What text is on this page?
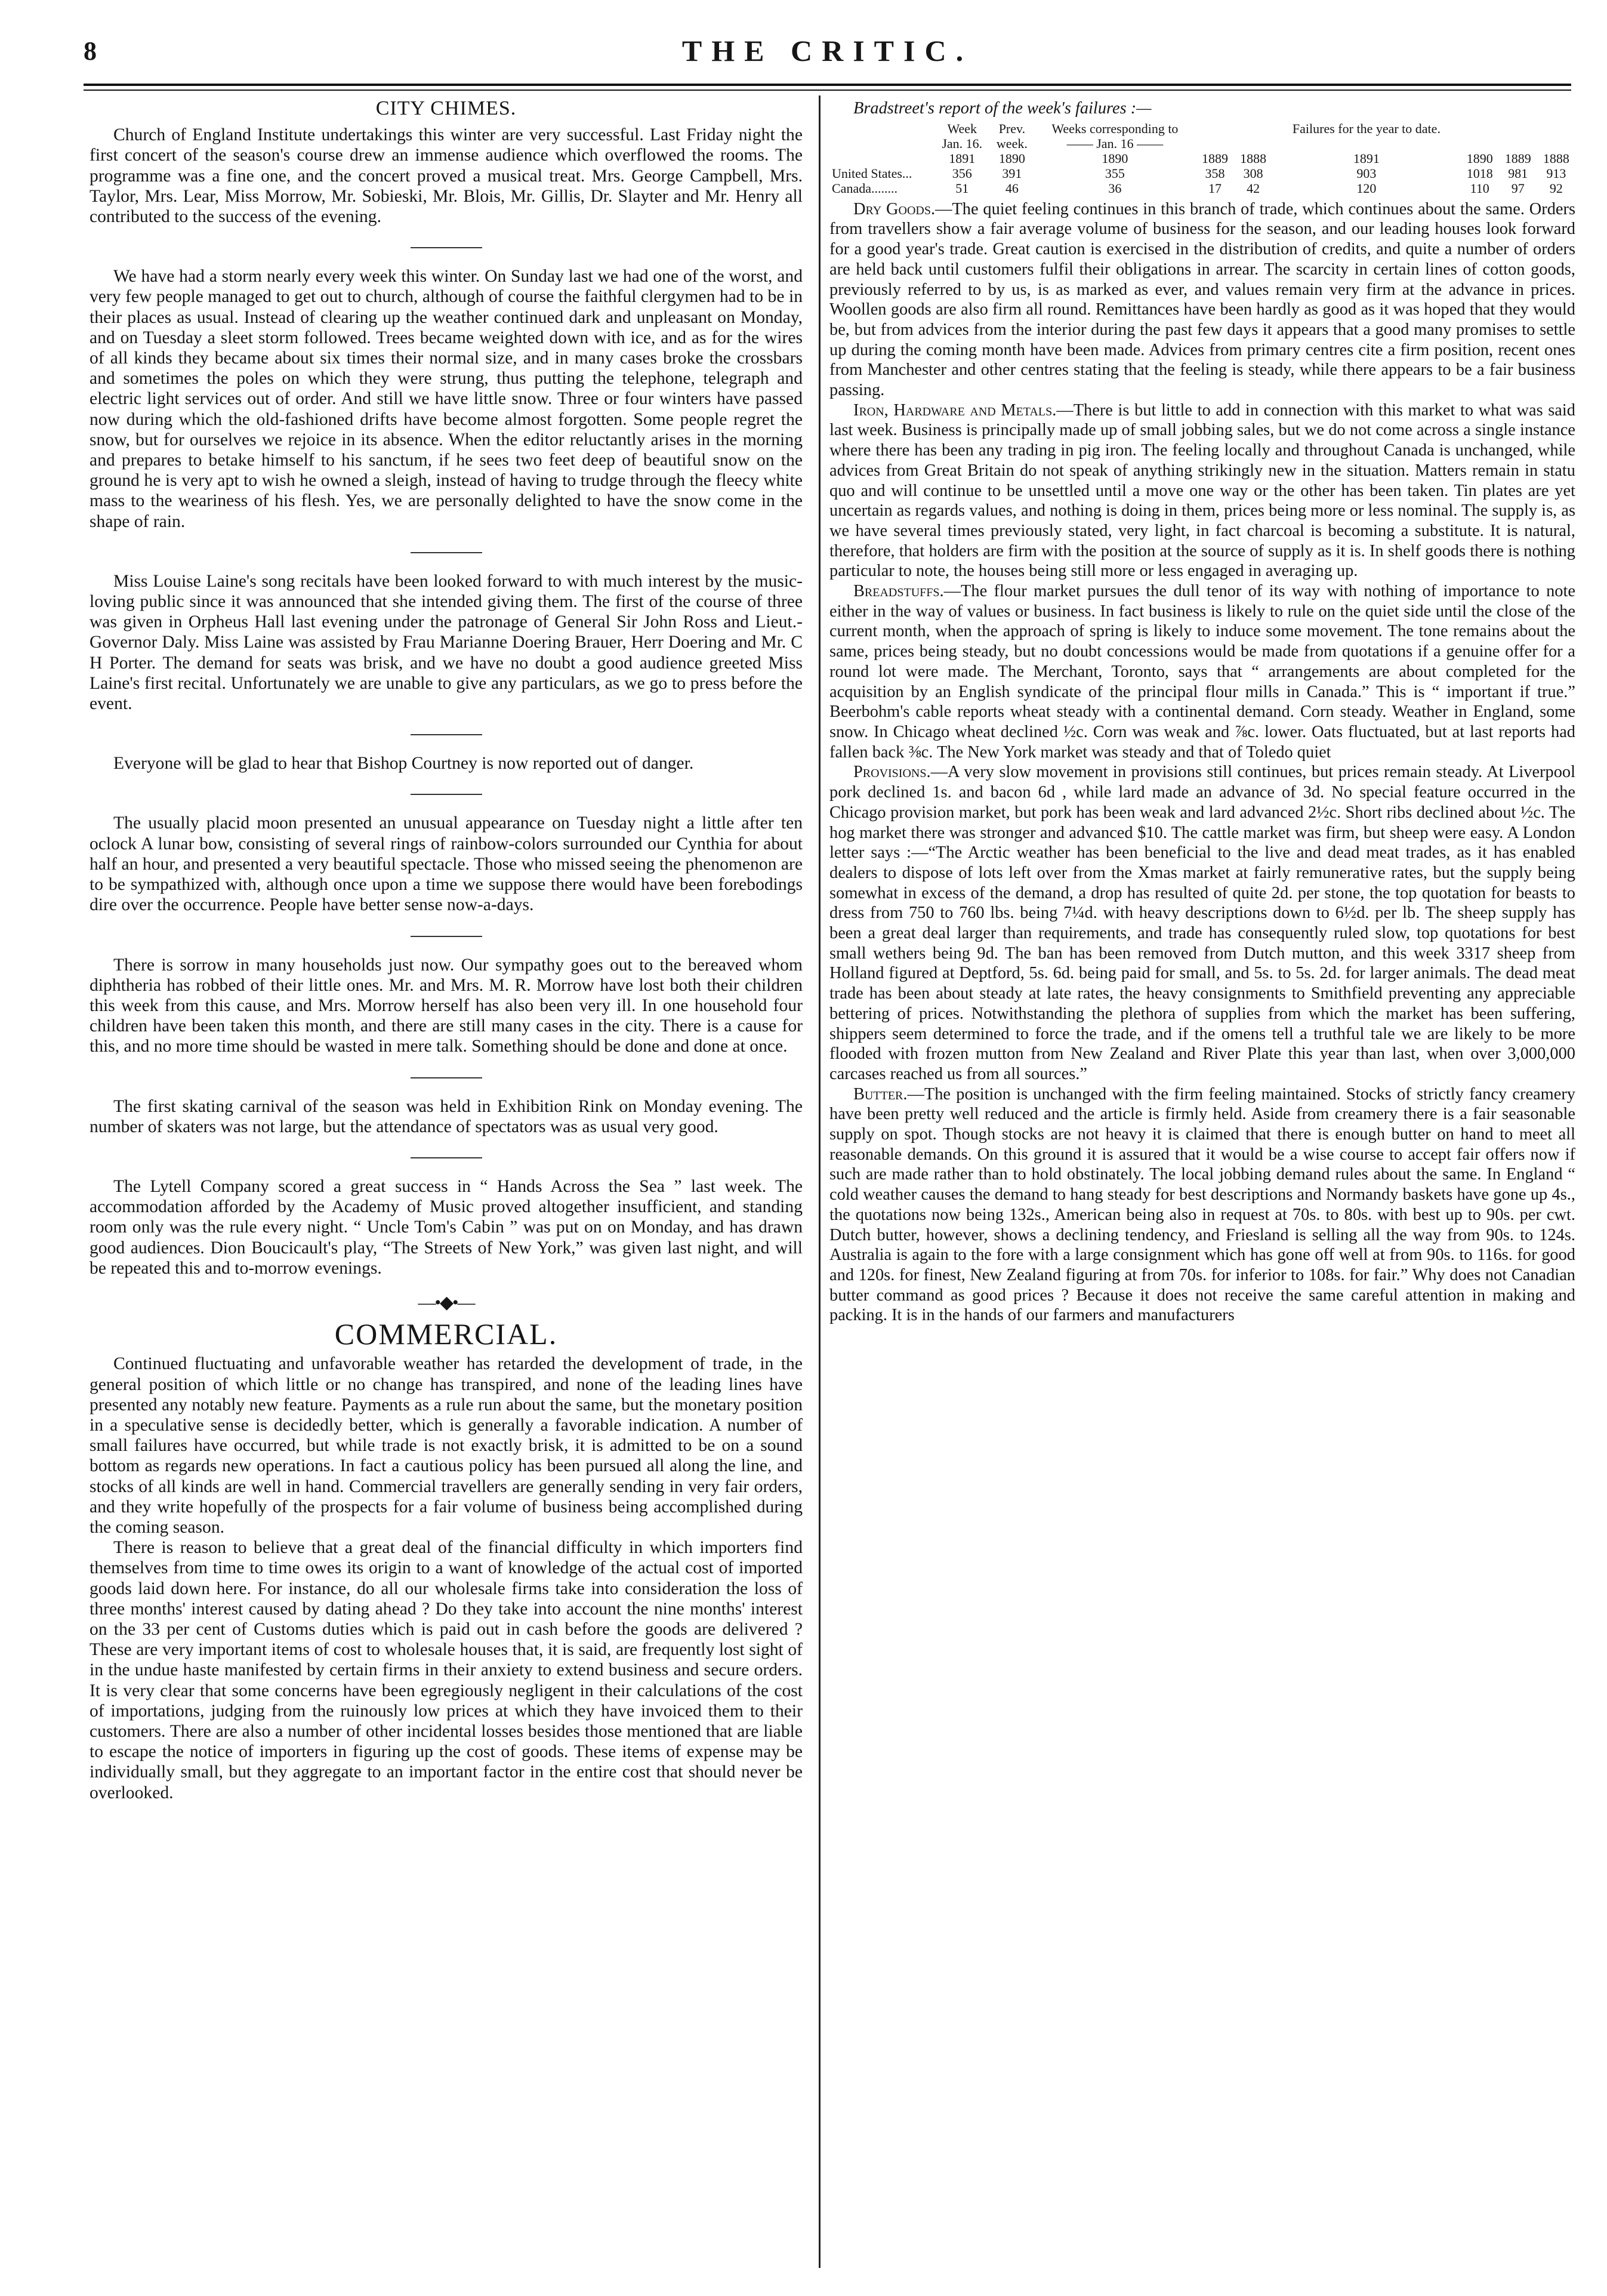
8	THE CRITIC.
CITY CHIMES.

Church of England Institute undertakings this winter are very successful. Last Friday night the first concert of the season's course drew an immense audience which overflowed the rooms. The programme was a fine one, and the concert proved a musical treat. Mrs. George Campbell, Mrs. Taylor, Mrs. Lear, Miss Morrow, Mr. Sobieski, Mr. Blois, Mr. Gillis, Dr. Slayter and Mr. Henry all contributed to the success of the evening.

We have had a storm nearly every week this winter. On Sunday last we had one of the worst, and very few people managed to get out to church, although of course the faithful clergymen had to be in their places as usual. Instead of clearing up the weather continued dark and unpleasant on Monday, and on Tuesday a sleet storm followed. Trees became weighted down with ice, and as for the wires of all kinds they became about six times their normal size, and in many cases broke the crossbars and sometimes the poles on which they were strung, thus putting the telephone, telegraph and electric light services out of order. And still we have little snow. Three or four winters have passed now during which the old-fashioned drifts have become almost forgotten. Some people regret the snow, but for ourselves we rejoice in its absence. When the editor reluctantly arises in the morning and prepares to betake himself to his sanctum, if he sees two feet deep of beautiful snow on the ground he is very apt to wish he owned a sleigh, instead of having to trudge through the fleecy white mass to the weariness of his flesh. Yes, we are personally delighted to have the snow come in the shape of rain.

Miss Louise Laine's song recitals have been looked forward to with much interest by the music-loving public since it was announced that she intended giving them. The first of the course of three was given in Orpheus Hall last evening under the patronage of General Sir John Ross and Lieut.-Governor Daly. Miss Laine was assisted by Frau Marianne Doering Brauer, Herr Doering and Mr. C H Porter. The demand for seats was brisk, and we have no doubt a good audience greeted Miss Laine's first recital. Unfortunately we are unable to give any particulars, as we go to press before the event.

Everyone will be glad to hear that Bishop Courtney is now reported out of danger.

The usually placid moon presented an unusual appearance on Tuesday night a little after ten oclock A lunar bow, consisting of several rings of rainbow-colors surrounded our Cynthia for about half an hour, and presented a very beautiful spectacle. Those who missed seeing the phenomenon are to be sympathized with, although once upon a time we suppose there would have been forebodings dire over the occurrence. People have better sense now-a-days.

There is sorrow in many households just now. Our sympathy goes out to the bereaved whom diphtheria has robbed of their little ones. Mr. and Mrs. M. R. Morrow have lost both their children this week from this cause, and Mrs. Morrow herself has also been very ill. In one household four children have been taken this month, and there are still many cases in the city. There is a cause for this, and no more time should be wasted in mere talk. Something should be done and done at once.

The first skating carnival of the season was held in Exhibition Rink on Monday evening. The number of skaters was not large, but the attendance of spectators was as usual very good.

The Lytell Company scored a great success in “ Hands Across the Sea ” last week. The accommodation afforded by the Academy of Music proved altogether insufficient, and standing room only was the rule every night. “ Uncle Tom's Cabin ” was put on on Monday, and has drawn good audiences. Dion Boucicault's play, “The Streets of New York,” was given last night, and will be repeated this and to-morrow evenings.

—•◆•—
COMMERCIAL.

Continued fluctuating and unfavorable weather has retarded the development of trade, in the general position of which little or no change has transpired, and none of the leading lines have presented any notably new feature. Payments as a rule run about the same, but the monetary position in a speculative sense is decidedly better, which is generally a favorable indication. A number of small failures have occurred, but while trade is not exactly brisk, it is admitted to be on a sound bottom as regards new operations. In fact a cautious policy has been pursued all along the line, and stocks of all kinds are well in hand. Commercial travellers are generally sending in very fair orders, and they write hopefully of the prospects for a fair volume of business being accomplished during the coming season.

There is reason to believe that a great deal of the financial difficulty in which importers find themselves from time to time owes its origin to a want of knowledge of the actual cost of imported goods laid down here. For instance, do all our wholesale firms take into consideration the loss of three months' interest caused by dating ahead ? Do they take into account the nine months' interest on the 33 per cent of Customs duties which is paid out in cash before the goods are delivered ? These are very important items of cost to wholesale houses that, it is said, are frequently lost sight of in the undue haste manifested by certain firms in their anxiety to extend business and secure orders. It is very clear that some concerns have been egregiously negligent in their calculations of the cost of importations, judging from the ruinously low prices at which they have invoiced them to their customers. There are also a number of other incidental losses besides those mentioned that are liable to escape the notice of importers in figuring up the cost of goods. These items of expense may be individually small, but they aggregate to an important factor in the entire cost that should never be overlooked.

Bradstreet's report of the week's failures :—

	Week	Prev.	Weeks corresponding to			Failures for the year to date.			
	Jan. 16.	week.	—— Jan. 16 ——						
	1891	1890	1890	1889	1888	1891	1890	1889	1888
United States...	356	391	355	358	308	903	1018	981	913
Canada........	51	46	36	17	42	120	110	97	92

Dry Goods.—The quiet feeling continues in this branch of trade, which continues about the same. Orders from travellers show a fair average volume of business for the season, and our leading houses look forward for a good year's trade. Great caution is exercised in the distribution of credits, and quite a number of orders are held back until customers fulfil their obligations in arrear. The scarcity in certain lines of cotton goods, previously referred to by us, is as marked as ever, and values remain very firm at the advance in prices. Woollen goods are also firm all round. Remittances have been hardly as good as it was hoped that they would be, but from advices from the interior during the past few days it appears that a good many promises to settle up during the coming month have been made. Advices from primary centres cite a firm position, recent ones from Manchester and other centres stating that the feeling is steady, while there appears to be a fair business passing.

Iron, Hardware and Metals.—There is but little to add in connection with this market to what was said last week. Business is principally made up of small jobbing sales, but we do not come across a single instance where there has been any trading in pig iron. The feeling locally and throughout Canada is unchanged, while advices from Great Britain do not speak of anything strikingly new in the situation. Matters remain in statu quo and will continue to be unsettled until a move one way or the other has been taken. Tin plates are yet uncertain as regards values, and nothing is doing in them, prices being more or less nominal. The supply is, as we have several times previously stated, very light, in fact charcoal is becoming a substitute. It is natural, therefore, that holders are firm with the position at the source of supply as it is. In shelf goods there is nothing particular to note, the houses being still more or less engaged in averaging up.

Breadstuffs.—The flour market pursues the dull tenor of its way with nothing of importance to note either in the way of values or business. In fact business is likely to rule on the quiet side until the close of the current month, when the approach of spring is likely to induce some movement. The tone remains about the same, prices being steady, but no doubt concessions would be made from quotations if a genuine offer for a round lot were made. The Merchant, Toronto, says that “ arrangements are about completed for the acquisition by an English syndicate of the principal flour mills in Canada.” This is “ important if true.” Beerbohm's cable reports wheat steady with a continental demand. Corn steady. Weather in England, some snow. In Chicago wheat declined ½c. Corn was weak and ⅞c. lower. Oats fluctuated, but at last reports had fallen back ⅜c. The New York market was steady and that of Toledo quiet

Provisions.—A very slow movement in provisions still continues, but prices remain steady. At Liverpool pork declined 1s. and bacon 6d , while lard made an advance of 3d. No special feature occurred in the Chicago provision market, but pork has been weak and lard advanced 2½c. Short ribs declined about ½c. The hog market there was stronger and advanced $10. The cattle market was firm, but sheep were easy. A London letter says :—“The Arctic weather has been beneficial to the live and dead meat trades, as it has enabled dealers to dispose of lots left over from the Xmas market at fairly remunerative rates, but the supply being somewhat in excess of the demand, a drop has resulted of quite 2d. per stone, the top quotation for beasts to dress from 750 to 760 lbs. being 7¼d. with heavy descriptions down to 6½d. per lb. The sheep supply has been a great deal larger than requirements, and trade has consequently ruled slow, top quotations for best small wethers being 9d. The ban has been removed from Dutch mutton, and this week 3317 sheep from Holland figured at Deptford, 5s. 6d. being paid for small, and 5s. to 5s. 2d. for larger animals. The dead meat trade has been about steady at late rates, the heavy consignments to Smithfield preventing any appreciable bettering of prices. Notwithstanding the plethora of supplies from which the market has been suffering, shippers seem determined to force the trade, and if the omens tell a truthful tale we are likely to be more flooded with frozen mutton from New Zealand and River Plate this year than last, when over 3,000,000 carcases reached us from all sources.”

Butter.—The position is unchanged with the firm feeling maintained. Stocks of strictly fancy creamery have been pretty well reduced and the article is firmly held. Aside from creamery there is a fair seasonable supply on spot. Though stocks are not heavy it is claimed that there is enough butter on hand to meet all reasonable demands. On this ground it is assured that it would be a wise course to accept fair offers now if such are made rather than to hold obstinately. The local jobbing demand rules about the same. In England “ cold weather causes the demand to hang steady for best descriptions and Normandy baskets have gone up 4s., the quotations now being 132s., American being also in request at 70s. to 80s. with best up to 90s. per cwt. Dutch butter, however, shows a declining tendency, and Friesland is selling all the way from 90s. to 124s. Australia is again to the fore with a large consignment which has gone off well at from 90s. to 116s. for good and 120s. for finest, New Zealand figuring at from 70s. for inferior to 108s. for fair.” Why does not Canadian butter command as good prices ? Because it does not receive the same careful attention in making and packing. It is in the hands of our farmers and manufacturers
